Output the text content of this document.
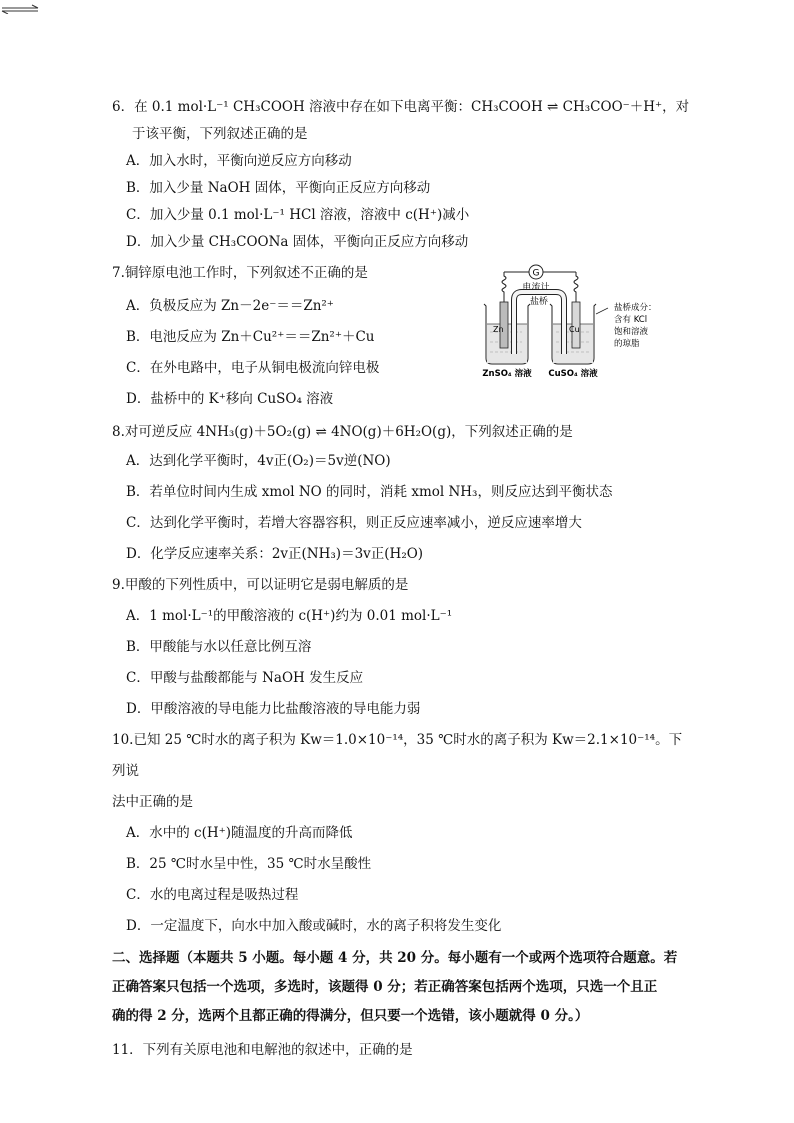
6．在 0.1 mol·L⁻¹ CH₃COOH 溶液中存在如下电离平衡：CH₃COOH ⇌ CH₃COO⁻＋H⁺，对
于该平衡，下列叙述正确的是
A．加入水时，平衡向逆反应方向移动
B．加入少量 NaOH 固体，平衡向正反应方向移动
C．加入少量 0.1 mol·L⁻¹ HCl 溶液，溶液中 c(H⁺)减小
D．加入少量 CH₃COONa 固体，平衡向正反应方向移动
7.铜锌原电池工作时，下列叙述不正确的是
A．负极反应为 Zn－2e⁻＝＝Zn²⁺
B．电池反应为 Zn＋Cu²⁺＝＝Zn²⁺＋Cu
C．在外电路中，电子从铜电极流向锌电极
D．盐桥中的 K⁺移向 CuSO₄ 溶液
G
电流计
Zn	Cu
盐桥
ZnSO₄ 溶液 CuSO₄ 溶液
盐桥成分：
含有 KCl
饱和溶液
的琼脂
8.对可逆反应 4NH₃(g)＋5O₂(g) ⇌ 4NO(g)＋6H₂O(g)，下列叙述正确的是
A．达到化学平衡时，4v正(O₂)＝5v逆(NO)
B．若单位时间内生成 xmol NO 的同时，消耗 xmol NH₃，则反应达到平衡状态
C．达到化学平衡时，若增大容器容积，则正反应速率减小，逆反应速率增大
D．化学反应速率关系：2v正(NH₃)＝3v正(H₂O)
9.甲酸的下列性质中，可以证明它是弱电解质的是
A．1 mol·L⁻¹的甲酸溶液的 c(H⁺)约为 0.01 mol·L⁻¹
B．甲酸能与水以任意比例互溶
C．甲酸与盐酸都能与 NaOH 发生反应
D．甲酸溶液的导电能力比盐酸溶液的导电能力弱
10.已知 25 ℃时水的离子积为 Kw＝1.0×10⁻¹⁴，35 ℃时水的离子积为 Kw＝2.1×10⁻¹⁴。下列说
法中正确的是
A．水中的 c(H⁺)随温度的升高而降低
B．25 ℃时水呈中性，35 ℃时水呈酸性
C．水的电离过程是吸热过程
D．一定温度下，向水中加入酸或碱时，水的离子积将发生变化
二、选择题（本题共 5 小题。每小题 4 分，共 20 分。每小题有一个或两个选项符合题意。若
正确答案只包括一个选项，多选时，该题得 0 分；若正确答案包括两个选项，只选一个且正
确的得 2 分，选两个且都正确的得满分，但只要一个选错，该小题就得 0 分。）
11．下列有关原电池和电解池的叙述中，正确的是
